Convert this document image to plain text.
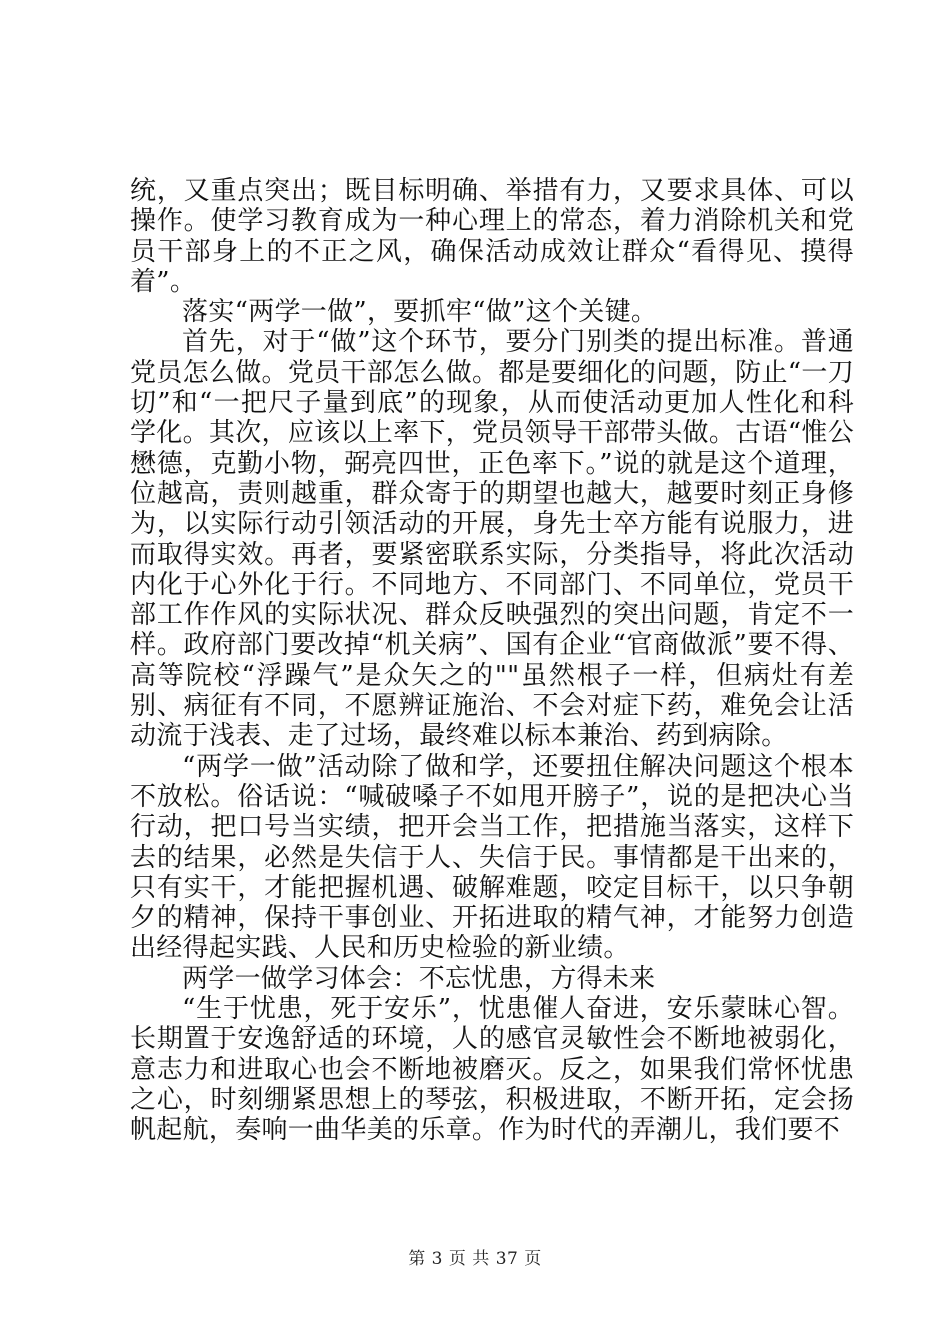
统，又重点突出；既目标明确、举措有力，又要求具体、可以操作。使学习教育成为一种心理上的常态，着力消除机关和党员干部身上的不正之风，确保活动成效让群众“看得见、摸得着”。

落实“两学一做”，要抓牢“做”这个关键。

首先，对于“做”这个环节，要分门别类的提出标准。普通党员怎么做。党员干部怎么做。都是要细化的问题，防止“一刀切”和“一把尺子量到底”的现象，从而使活动更加人性化和科学化。其次，应该以上率下，党员领导干部带头做。古语“惟公懋德，克勤小物，弼亮四世，正色率下。”说的就是这个道理，位越高，责则越重，群众寄于的期望也越大，越要时刻正身修为，以实际行动引领活动的开展，身先士卒方能有说服力，进而取得实效。再者，要紧密联系实际，分类指导，将此次活动内化于心外化于行。不同地方、不同部门、不同单位，党员干部工作作风的实际状况、群众反映强烈的突出问题，肯定不一样。政府部门要改掉“机关病”、国有企业“官商做派”要不得、高等院校“浮躁气”是众矢之的""虽然根子一样，但病灶有差别、病征有不同，不愿辨证施治、不会对症下药，难免会让活动流于浅表、走了过场，最终难以标本兼治、药到病除。

“两学一做”活动除了做和学，还要扭住解决问题这个根本不放松。俗话说：“喊破嗓子不如甩开膀子”，说的是把决心当行动，把口号当实绩，把开会当工作，把措施当落实，这样下去的结果，必然是失信于人、失信于民。事情都是干出来的，只有实干，才能把握机遇、破解难题，咬定目标干，以只争朝夕的精神，保持干事创业、开拓进取的精气神，才能努力创造出经得起实践、人民和历史检验的新业绩。

两学一做学习体会：不忘忧患，方得未来

“生于忧患，死于安乐”，忧患催人奋进，安乐蒙昧心智。长期置于安逸舒适的环境，人的感官灵敏性会不断地被弱化，意志力和进取心也会不断地被磨灭。反之，如果我们常怀忧患之心，时刻绷紧思想上的琴弦，积极进取，不断开拓，定会扬帆起航，奏响一曲华美的乐章。作为时代的弄潮儿，我们要不

第 3 页 共 37 页
